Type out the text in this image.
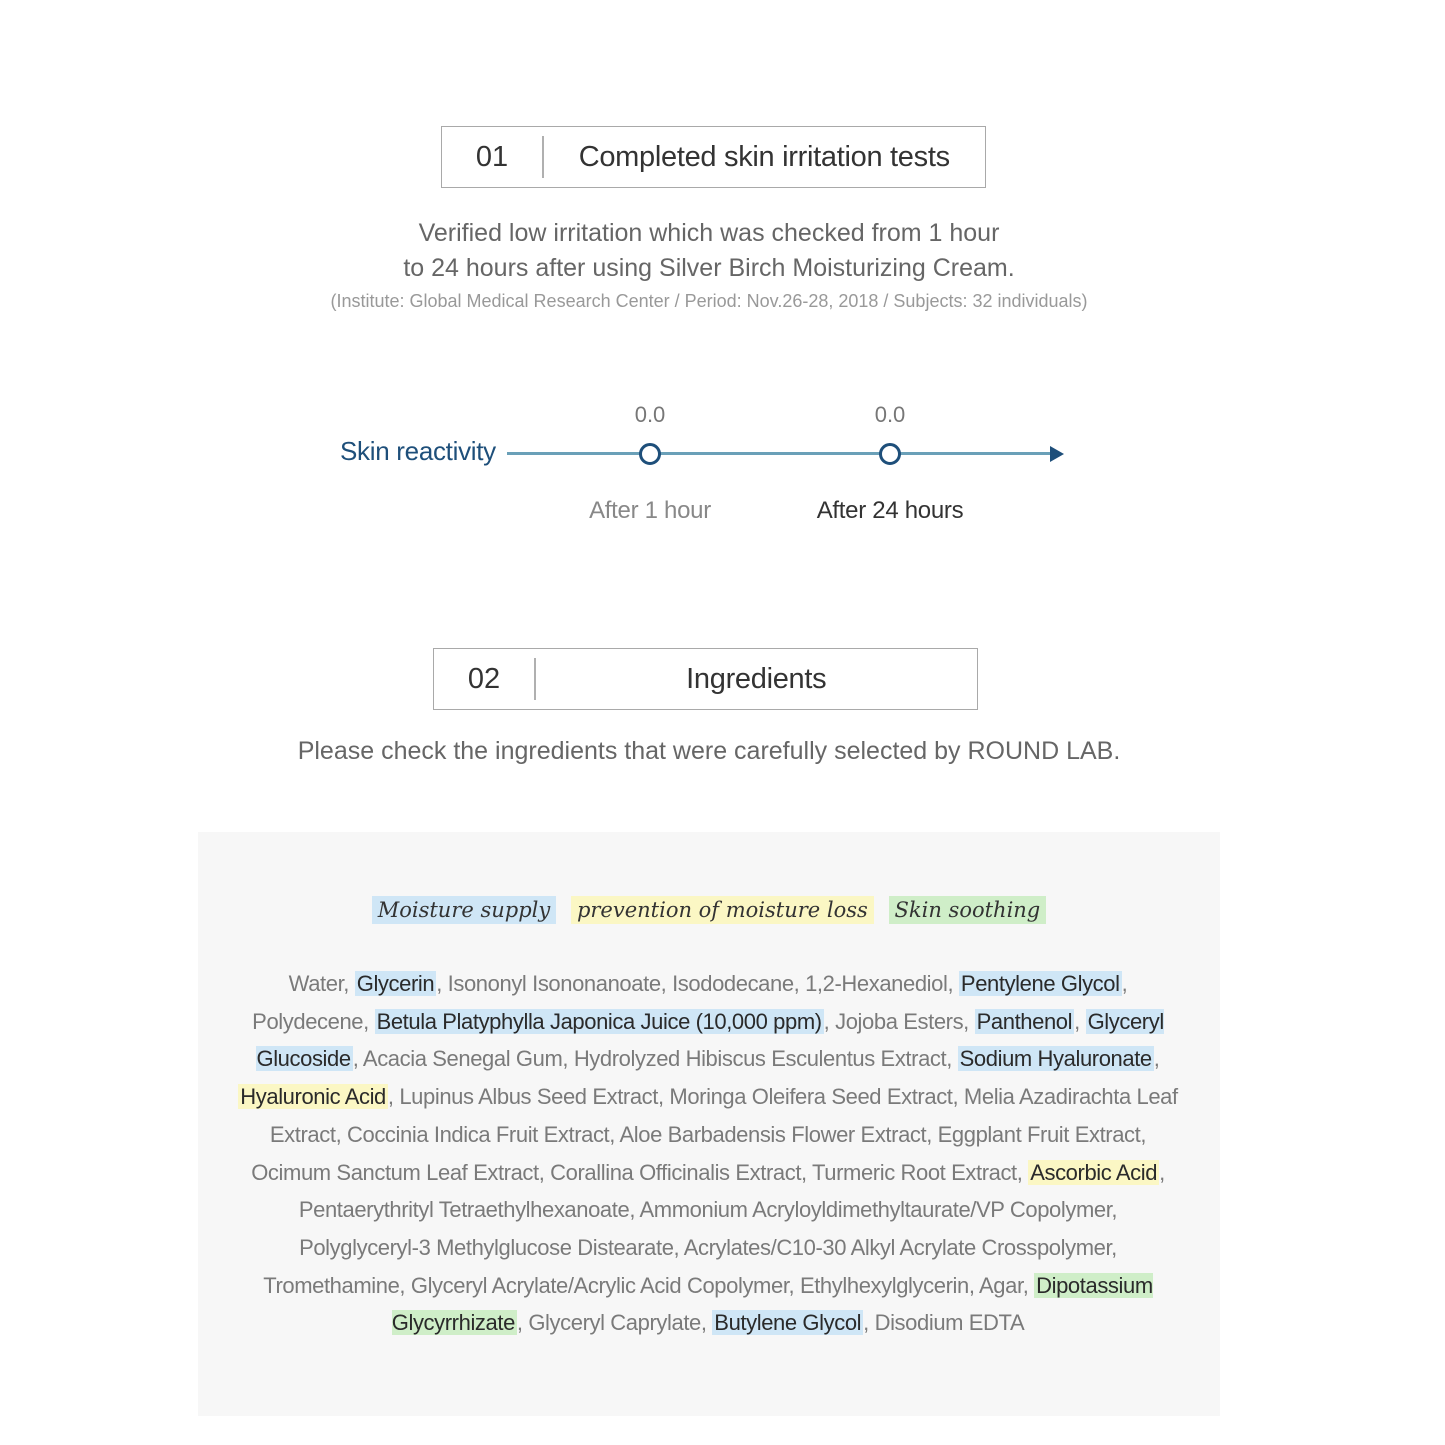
01	Completed skin irritation tests
Verified low irritation which was checked from 1 hour
to 24 hours after using Silver Birch Moisturizing Cream.
(Institute: Global Medical Research Center / Period: Nov.26-28, 2018 / Subjects: 32 individuals)
Skin reactivity
0.0
After 1 hour
0.0
After 24 hours
02	Ingredients
Please check the ingredients that were carefully selected by ROUND LAB.
Moisture supply prevention of moisture loss Skin soothing
Water, Glycerin, Isononyl Isononanoate, Isododecane, 1,2-Hexanediol, Pentylene Glycol, Polydecene, Betula Platyphylla Japonica Juice (10,000 ppm), Jojoba Esters, Panthenol, Glyceryl Glucoside, Acacia Senegal Gum, Hydrolyzed Hibiscus Esculentus Extract, Sodium Hyaluronate, Hyaluronic Acid, Lupinus Albus Seed Extract, Moringa Oleifera Seed Extract, Melia Azadirachta Leaf Extract, Coccinia Indica Fruit Extract, Aloe Barbadensis Flower Extract, Eggplant Fruit Extract, Ocimum Sanctum Leaf Extract, Corallina Officinalis Extract, Turmeric Root Extract, Ascorbic Acid, Pentaerythrityl Tetraethylhexanoate, Ammonium Acryloyldimethyltaurate/VP Copolymer, Polyglyceryl-3 Methylglucose Distearate, Acrylates/C10-30 Alkyl Acrylate Crosspolymer, Tromethamine, Glyceryl Acrylate/Acrylic Acid Copolymer, Ethylhexylglycerin, Agar, Dipotassium Glycyrrhizate, Glyceryl Caprylate, Butylene Glycol, Disodium EDTA
